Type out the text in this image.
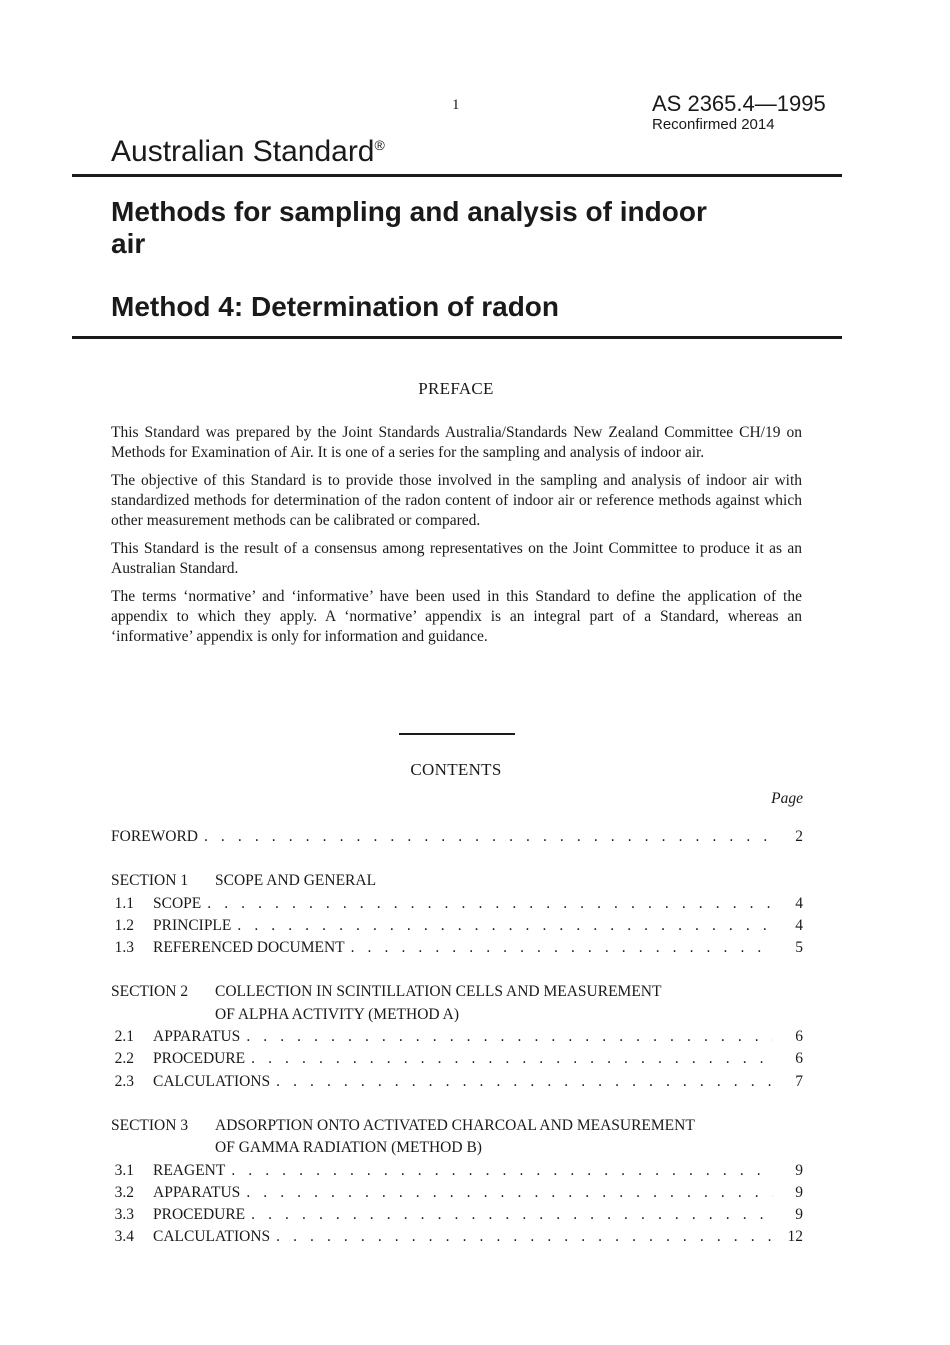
1	AS 2365.4—1995
Reconfirmed 2014
Australian Standard®
Methods for sampling and analysis of indoor air
Method 4: Determination of radon
PREFACE

This Standard was prepared by the Joint Standards Australia/Standards New Zealand Committee CH/19 on Methods for Examination of Air. It is one of a series for the sampling and analysis of indoor air.

The objective of this Standard is to provide those involved in the sampling and analysis of indoor air with standardized methods for determination of the radon content of indoor air or reference methods against which other measurement methods can be calibrated or compared.

This Standard is the result of a consensus among representatives on the Joint Committee to produce it as an Australian Standard.

The terms ‘normative’ and ‘informative’ have been used in this Standard to define the application of the appendix to which they apply. A ‘normative’ appendix is an integral part of a Standard, whereas an ‘informative’ appendix is only for information and guidance.

CONTENTS
Page
FOREWORD . . .	2
SECTION 1 SCOPE AND GENERAL
1.1	SCOPE . . .	4
1.2	PRINCIPLE . . .	4
1.3	REFERENCED DOCUMENT . . .	5
SECTION 2 COLLECTION IN SCINTILLATION CELLS AND MEASUREMENT
OF ALPHA ACTIVITY (METHOD A)
2.1	APPARATUS . . .	6
2.2	PROCEDURE . . .	6
2.3	CALCULATIONS . . .	7
SECTION 3 ADSORPTION ONTO ACTIVATED CHARCOAL AND MEASUREMENT
OF GAMMA RADIATION (METHOD B)
3.1	REAGENT . . .	9
3.2	APPARATUS . . .	9
3.3	PROCEDURE . . .	9
3.4	CALCULATIONS . . .	12
